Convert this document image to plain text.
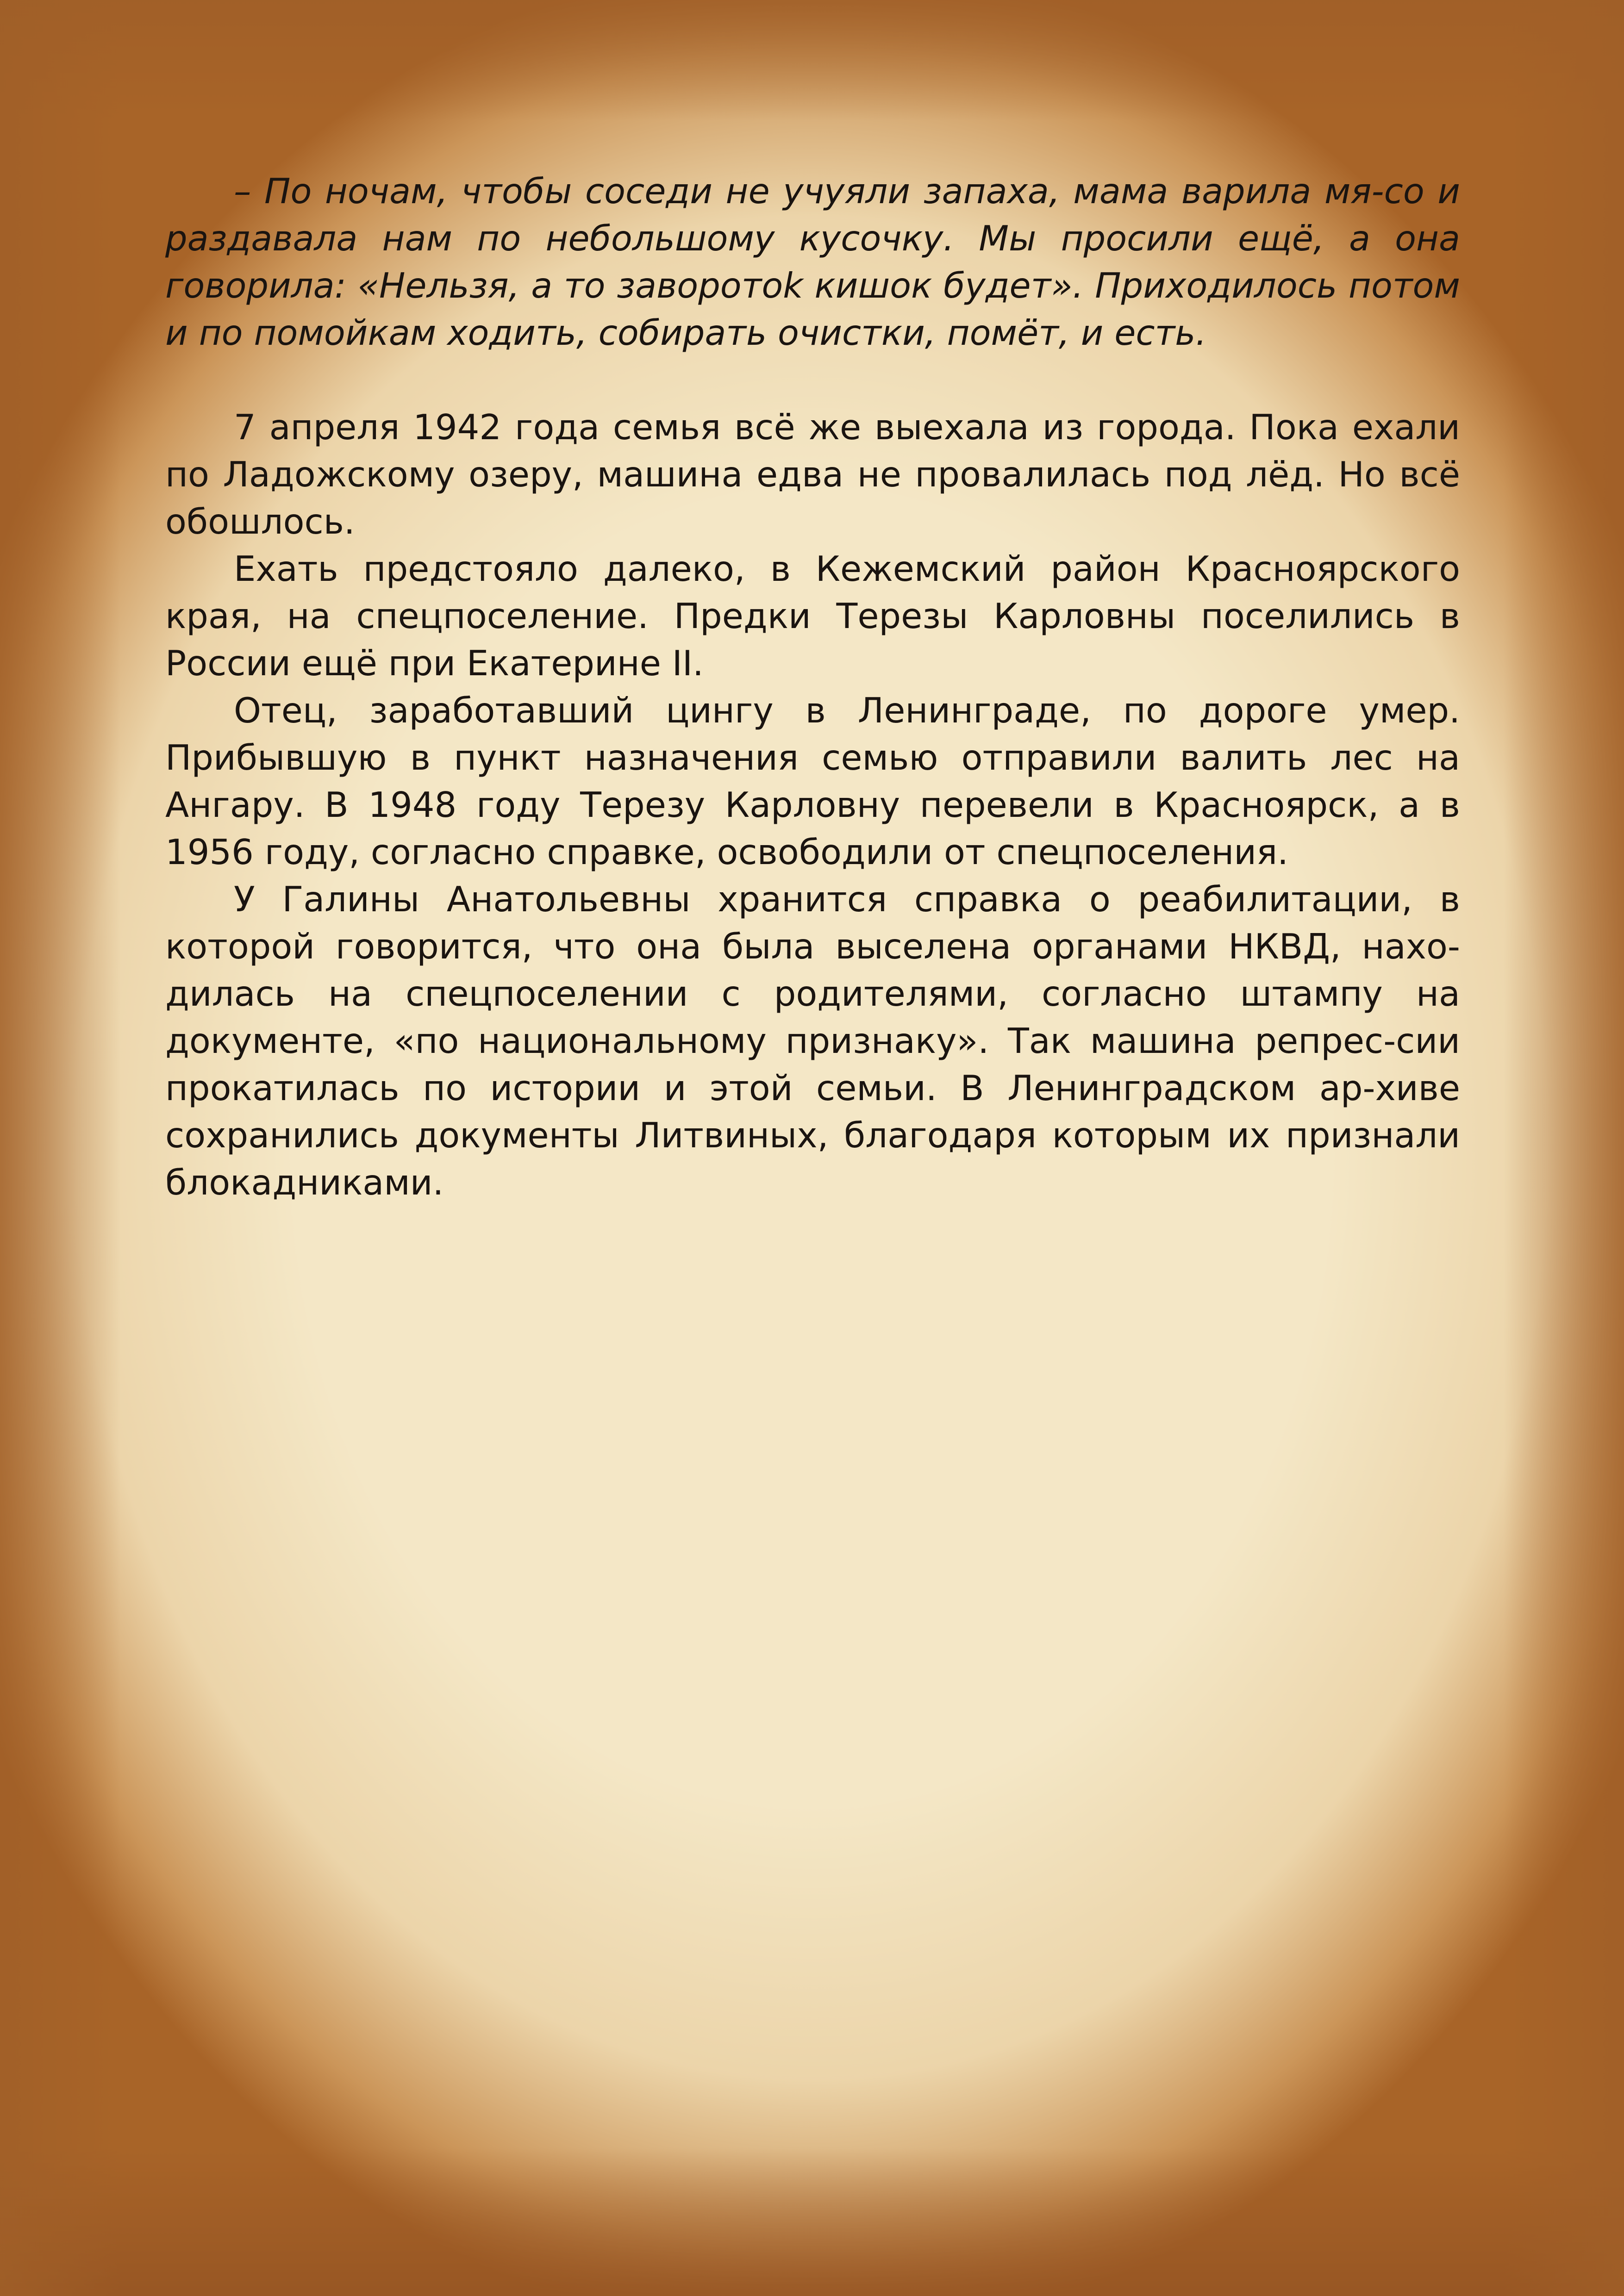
– По ночам, чтобы соседи не учуяли запаха, мама варила мя-со и раздавала нам по небольшому кусочку. Мы просили ещё, а она говорила: «Нельзя, а то заворотоk кишок будет». Приходилось потом и по помойкам ходить, собирать очистки, помёт, и есть.

7 апреля 1942 года семья всё же выехала из города. Пока ехали по Ладожскому озеру, машина едва не провалилась под лёд. Но всё обошлось.

Ехать предстояло далеко, в Кежемский район Красноярского края, на спецпоселение. Предки Терезы Карловны поселились в России ещё при Екатерине II.

Отец, заработавший цингу в Ленинграде, по дороге умер. Прибывшую в пункт назначения семью отправили валить лес на Ангару. В 1948 году Терезу Карловну перевели в Красноярск, а в 1956 году, согласно справке, освободили от спецпоселения.

У Галины Анатольевны хранится справка о реабилитации, в которой говорится, что она была выселена органами НКВД, нахо-дилась на спецпоселении с родителями, согласно штампу на документе, «по национальному признаку». Так машина репрес-сии прокатилась по истории и этой семьи. В Ленинградском ар-хиве сохранились документы Литвиных, благодаря которым их признали блокадниками.
